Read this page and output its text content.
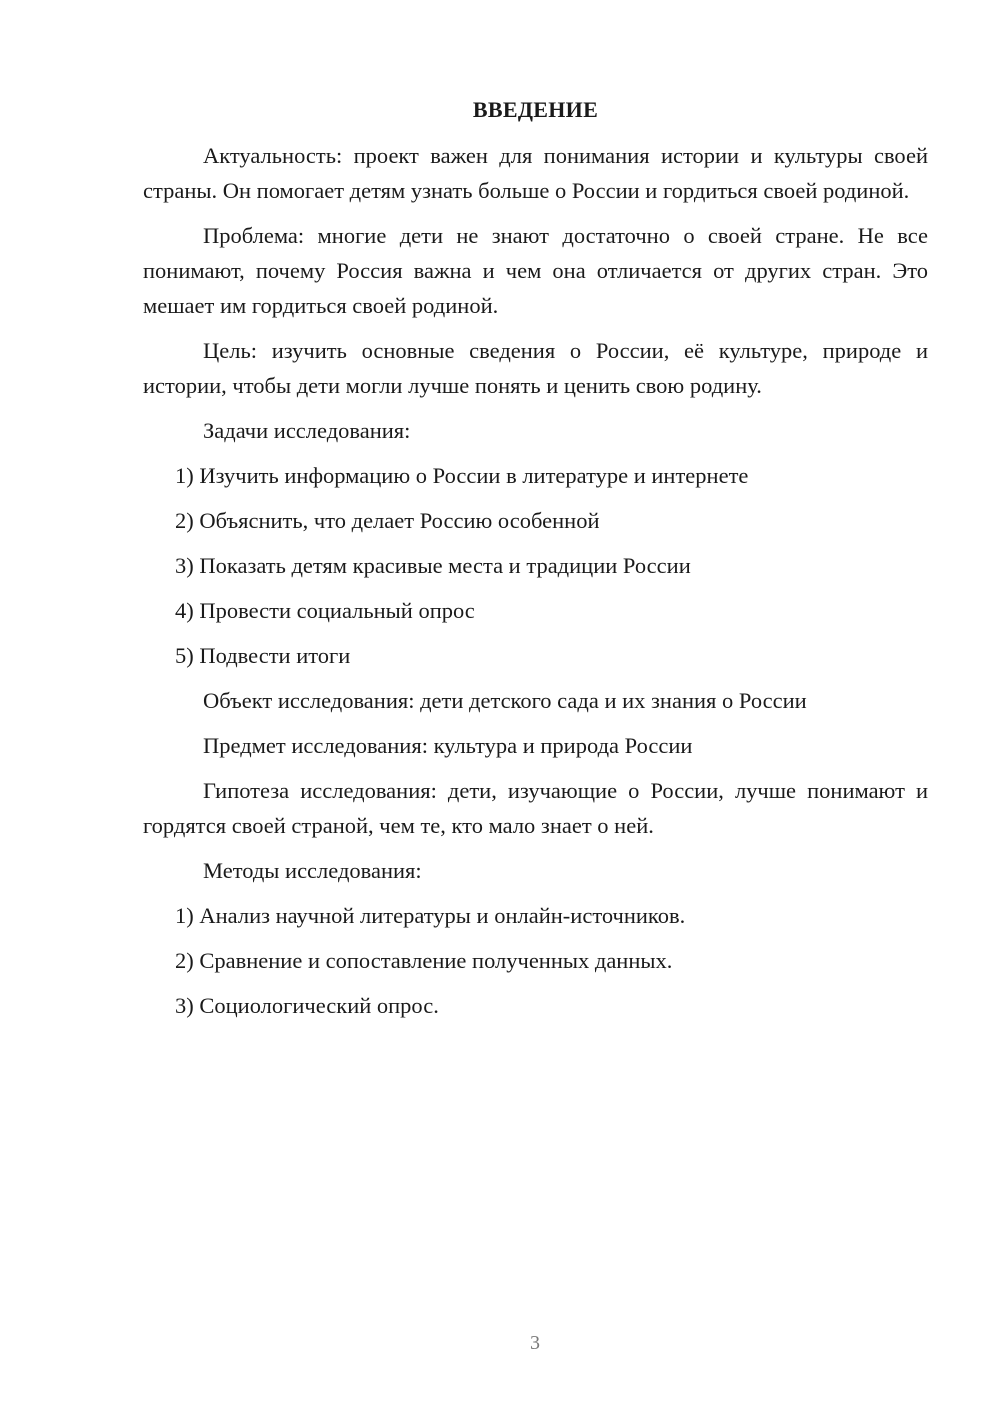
ВВЕДЕНИЕ
Актуальность: проект важен для понимания истории и культуры своей страны. Он помогает детям узнать больше о России и гордиться своей родиной.
Проблема: многие дети не знают достаточно о своей стране. Не все понимают, почему Россия важна и чем она отличается от других стран. Это мешает им гордиться своей родиной.
Цель: изучить основные сведения о России, её культуре, природе и истории, чтобы дети могли лучше понять и ценить свою родину.
Задачи исследования:
1) Изучить информацию о России в литературе и интернете
2) Объяснить, что делает Россию особенной
3) Показать детям красивые места и традиции России
4) Провести социальный опрос
5) Подвести итоги
Объект исследования: дети детского сада и их знания о России
Предмет исследования: культура и природа России
Гипотеза исследования: дети, изучающие о России, лучше понимают и гордятся своей страной, чем те, кто мало знает о ней.
Методы исследования:
1) Анализ научной литературы и онлайн-источников.
2) Сравнение и сопоставление полученных данных.
3) Социологический опрос.
3
